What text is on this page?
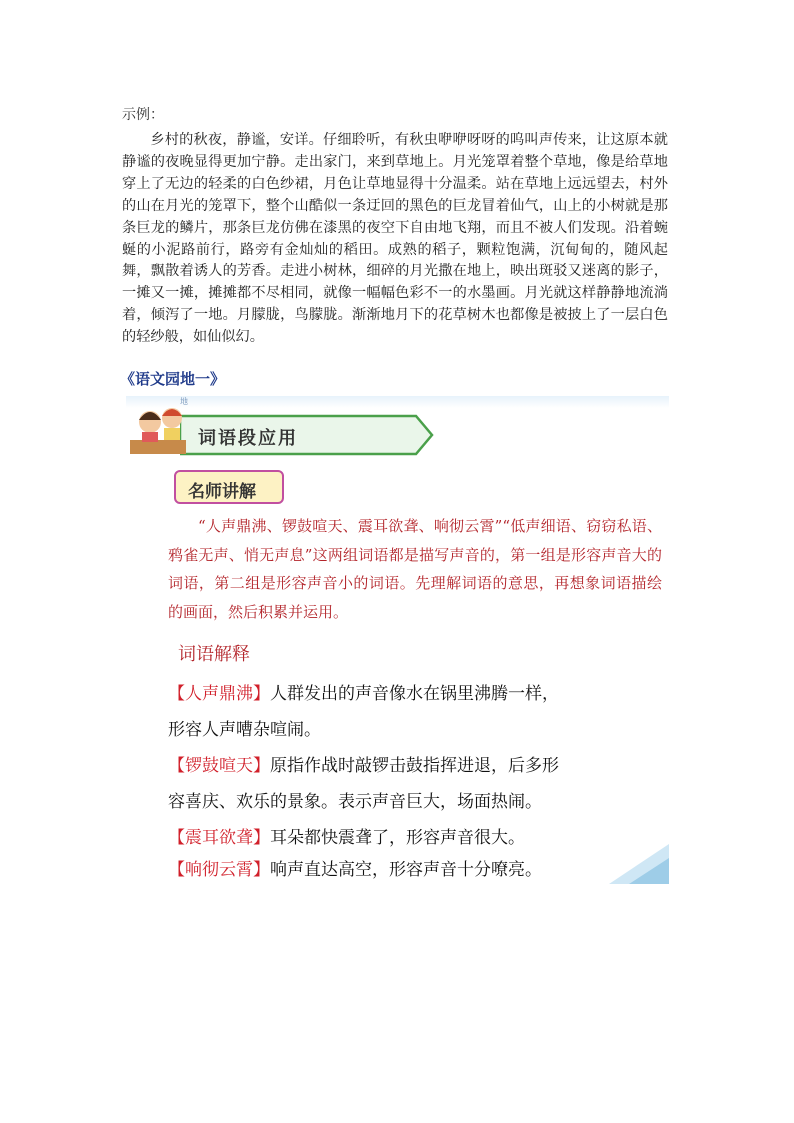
示例：

乡村的秋夜，静谧，安详。仔细聆听，有秋虫咿咿呀呀的呜叫声传来，让这原本就静谧的夜晚显得更加宁静。走出家门，来到草地上。月光笼罩着整个草地，像是给草地穿上了无边的轻柔的白色纱裙，月色让草地显得十分温柔。站在草地上远远望去，村外的山在月光的笼罩下，整个山酷似一条迂回的黑色的巨龙冒着仙气，山上的小树就是那条巨龙的鳞片，那条巨龙仿佛在漆黑的夜空下自由地飞翔，而且不被人们发现。沿着蜿蜒的小泥路前行，路旁有金灿灿的稻田。成熟的稻子，颗粒饱满，沉甸甸的，随风起舞，飘散着诱人的芳香。走进小树林，细碎的月光撒在地上，映出斑驳又迷离的影子，一摊又一摊，摊摊都不尽相同，就像一幅幅色彩不一的水墨画。月光就这样静静地流淌着，倾泻了一地。月朦胧，鸟朦胧。渐渐地月下的花草树木也都像是被披上了一层白色的轻纱般，如仙似幻。

《语文园地一》
地
词语段应用
名师讲解

“人声鼎沸、锣鼓喧天、震耳欲聋、响彻云霄”“低声细语、窃窃私语、鸦雀无声、悄无声息”这两组词语都是描写声音的，第一组是形容声音大的词语，第二组是形容声音小的词语。先理解词语的意思，再想象词语描绘的画面，然后积累并运用。

词语解释
【人声鼎沸】人群发出的声音像水在锅里沸腾一样，
形容人声嘈杂喧闹。
【锣鼓喧天】原指作战时敲锣击鼓指挥进退，后多形
容喜庆、欢乐的景象。表示声音巨大，场面热闹。
【震耳欲聋】耳朵都快震聋了，形容声音很大。
【响彻云霄】响声直达高空，形容声音十分嘹亮。
